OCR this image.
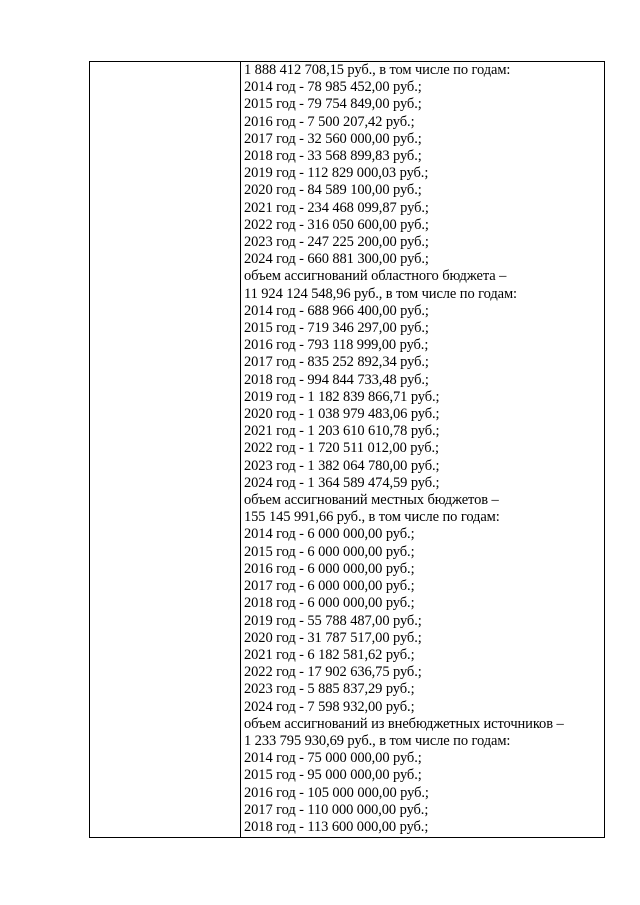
1 888 412 708,15 руб., в том числе по годам:
2014 год - 78 985 452,00 руб.;
2015 год - 79 754 849,00 руб.;
2016 год - 7 500 207,42 руб.;
2017 год - 32 560 000,00 руб.;
2018 год - 33 568 899,83 руб.;
2019 год - 112 829 000,03 руб.;
2020 год - 84 589 100,00 руб.;
2021 год - 234 468 099,87 руб.;
2022 год - 316 050 600,00 руб.;
2023 год - 247 225 200,00 руб.;
2024 год - 660 881 300,00 руб.;
объем ассигнований областного бюджета –
11 924 124 548,96 руб., в том числе по годам:
2014 год - 688 966 400,00 руб.;
2015 год - 719 346 297,00 руб.;
2016 год - 793 118 999,00 руб.;
2017 год - 835 252 892,34 руб.;
2018 год - 994 844 733,48 руб.;
2019 год - 1 182 839 866,71 руб.;
2020 год - 1 038 979 483,06 руб.;
2021 год - 1 203 610 610,78 руб.;
2022 год - 1 720 511 012,00 руб.;
2023 год - 1 382 064 780,00 руб.;
2024 год - 1 364 589 474,59 руб.;
объем ассигнований местных бюджетов –
155 145 991,66 руб., в том числе по годам:
2014 год - 6 000 000,00 руб.;
2015 год - 6 000 000,00 руб.;
2016 год - 6 000 000,00 руб.;
2017 год - 6 000 000,00 руб.;
2018 год - 6 000 000,00 руб.;
2019 год - 55 788 487,00 руб.;
2020 год - 31 787 517,00 руб.;
2021 год - 6 182 581,62 руб.;
2022 год - 17 902 636,75 руб.;
2023 год - 5 885 837,29 руб.;
2024 год - 7 598 932,00 руб.;
объем ассигнований из внебюджетных источников –
1 233 795 930,69 руб., в том числе по годам:
2014 год - 75 000 000,00 руб.;
2015 год - 95 000 000,00 руб.;
2016 год - 105 000 000,00 руб.;
2017 год - 110 000 000,00 руб.;
2018 год - 113 600 000,00 руб.;
